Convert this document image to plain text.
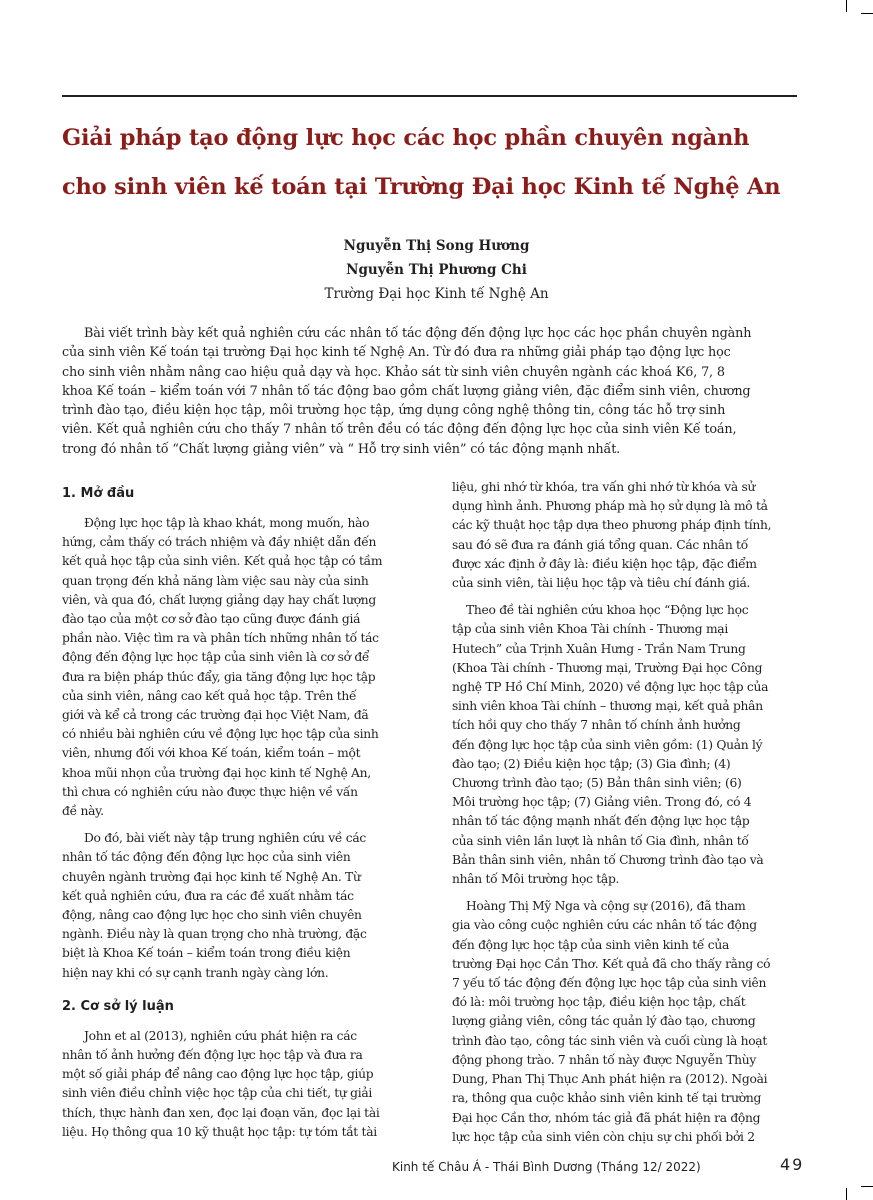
Giải pháp tạo động lực học các học phần chuyên ngành
cho sinh viên kế toán tại Trường Đại học Kinh tế Nghệ An
Nguyễn Thị Song Hương
Nguyễn Thị Phương Chi
Trường Đại học Kinh tế Nghệ An

Bài viết trình bày kết quả nghiên cứu các nhân tố tác động đến động lực học các học phần chuyên ngành
của sinh viên Kế toán tại trường Đại học kinh tế Nghệ An. Từ đó đưa ra những giải pháp tạo động lực học
cho sinh viên nhằm nâng cao hiệu quả dạy và học. Khảo sát từ sinh viên chuyên ngành các khoá K6, 7, 8
khoa Kế toán – kiểm toán với 7 nhân tố tác động bao gồm chất lượng giảng viên, đặc điểm sinh viên, chương
trình đào tạo, điều kiện học tập, môi trường học tập, ứng dụng công nghệ thông tin, công tác hỗ trợ sinh
viên. Kết quả nghiên cứu cho thấy 7 nhân tố trên đều có tác động đến động lực học của sinh viên Kế toán,
trong đó nhân tố “Chất lượng giảng viên” và “ Hỗ trợ sinh viên” có tác động mạnh nhất.

1. Mở đầu

Động lực học tập là khao khát, mong muốn, hào
hứng, cảm thấy có trách nhiệm và đầy nhiệt dẫn đến
kết quả học tập của sinh viên. Kết quả học tập có tầm
quan trọng đến khả năng làm việc sau này của sinh
viên, và qua đó, chất lượng giảng dạy hay chất lượng
đào tạo của một cơ sở đào tạo cũng được đánh giá
phần nào. Việc tìm ra và phân tích những nhân tố tác
động đến động lực học tập của sinh viên là cơ sở để
đưa ra biện pháp thúc đẩy, gia tăng động lực học tập
của sinh viên, nâng cao kết quả học tập. Trên thế
giới và kể cả trong các trường đại học Việt Nam, đã
có nhiều bài nghiên cứu về động lực học tập của sinh
viên, nhưng đối với khoa Kế toán, kiểm toán – một
khoa mũi nhọn của trường đại học kinh tế Nghệ An,
thì chưa có nghiên cứu nào được thực hiện về vấn
đề này.

Do đó, bài viết này tập trung nghiên cứu về các
nhân tố tác động đến động lực học của sinh viên
chuyên ngành trường đại học kinh tế Nghệ An. Từ
kết quả nghiên cứu, đưa ra các đề xuất nhằm tác
động, nâng cao động lực học cho sinh viên chuyên
ngành. Điều này là quan trọng cho nhà trường, đặc
biệt là Khoa Kế toán – kiểm toán trong điều kiện
hiện nay khi có sự cạnh tranh ngày càng lớn.

2. Cơ sở lý luận

John et al (2013), nghiên cứu phát hiện ra các
nhân tố ảnh hưởng đến động lực học tập và đưa ra
một số giải pháp để nâng cao động lực học tập, giúp
sinh viên điều chỉnh việc học tập của chi tiết, tự giải
thích, thực hành đan xen, đọc lại đoạn văn, đọc lại tài
liệu. Họ thông qua 10 kỹ thuật học tập: tự tóm tắt tài

liệu, ghi nhớ từ khóa, tra vấn ghi nhớ từ khóa và sử
dụng hình ảnh. Phương pháp mà họ sử dụng là mô tả
các kỹ thuật học tập dựa theo phương pháp định tính,
sau đó sẽ đưa ra đánh giá tổng quan. Các nhân tố
được xác định ở đây là: điều kiện học tập, đặc điểm
của sinh viên, tài liệu học tập và tiêu chí đánh giá.

Theo đề tài nghiên cứu khoa học “Động lực học
tập của sinh viên Khoa Tài chính - Thương mại
Hutech” của Trịnh Xuân Hưng - Trần Nam Trung
(Khoa Tài chính - Thương mại, Trường Đại học Công
nghệ TP Hồ Chí Minh, 2020) về động lực học tập của
sinh viên khoa Tài chính – thương mại, kết quả phân
tích hồi quy cho thấy 7 nhân tố chính ảnh hưởng
đến động lực học tập của sinh viên gồm: (1) Quản lý
đào tạo; (2) Điều kiện học tập; (3) Gia đình; (4)
Chương trình đào tạo; (5) Bản thân sinh viên; (6)
Môi trường học tập; (7) Giảng viên. Trong đó, có 4
nhân tố tác động mạnh nhất đến động lực học tập
của sinh viên lần lượt là nhân tố Gia đình, nhân tố
Bản thân sinh viên, nhân tố Chương trình đào tạo và
nhân tố Môi trường học tập.

Hoàng Thị Mỹ Nga và cộng sự (2016), đã tham
gia vào công cuộc nghiên cứu các nhân tố tác động
đến động lực học tập của sinh viên kinh tế của
trường Đại học Cần Thơ. Kết quả đã cho thấy rằng có
7 yếu tố tác động đến động lực học tập của sinh viên
đó là: môi trường học tập, điều kiện học tập, chất
lượng giảng viên, công tác quản lý đào tạo, chương
trình đào tạo, công tác sinh viên và cuối cùng là hoạt
động phong trào. 7 nhân tố này được Nguyễn Thùy
Dung, Phan Thị Thục Anh phát hiện ra (2012). Ngoài
ra, thông qua cuộc khảo sinh viên kinh tế tại trường
Đại học Cần thơ, nhóm tác giả đã phát hiện ra động
lực học tập của sinh viên còn chịu sự chi phối bởi 2

Kinh tế Châu Á - Thái Bình Dương (Tháng 12/ 2022)	49
